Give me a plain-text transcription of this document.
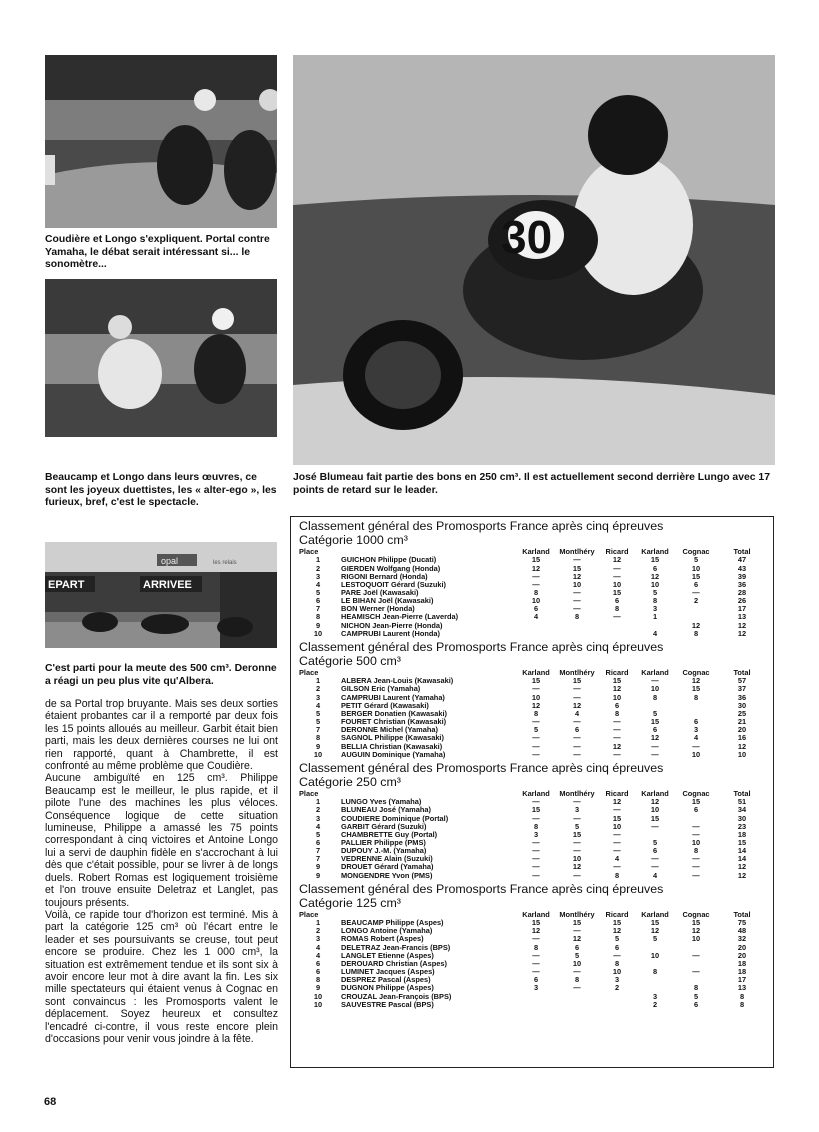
Coudière et Longo s'expliquent. Portal contre Yamaha, le débat serait intéressant si... le sonomètre...
Beaucamp et Longo dans leurs œuvres, ce sont les joyeux duettistes, les « alter-ego », les furieux, bref, c'est le spectacle.
EPART	ARRIVEE
opal	les relais
C'est parti pour la meute des 500 cm³. Deronne a réagi un peu plus vite qu'Albera.
30
José Blumeau fait partie des bons en 250 cm³. Il est actuellement second derrière Lungo avec 17 points de retard sur le leader.

de sa Portal trop bruyante. Mais ses deux sorties étaient probantes car il a remporté par deux fois les 15 points alloués au meilleur. Garbit était bien parti, mais les deux dernières courses ne lui ont rien rapporté, quant à Chambrette, il est confronté au même problème que Coudière.

Aucune ambiguïté en 125 cm³. Philippe Beaucamp est le meilleur, le plus rapide, et il pilote l'une des machines les plus véloces. Conséquence logique de cette situation lumineuse, Philippe a amassé les 75 points correspondant à cinq victoires et Antoine Longo lui a servi de dauphin fidèle en s'accrochant à lui dès que c'était possible, pour se livrer à de longs duels. Robert Romas est logiquement troisième et l'on trouve ensuite Deletraz et Langlet, pas toujours présents.

Voilà, ce rapide tour d'horizon est terminé. Mis à part la catégorie 125 cm³ où l'écart entre le leader et ses poursuivants se creuse, tout peut encore se produire. Chez les 1 000 cm³, la situation est extrêmement tendue et ils sont six à avoir encore leur mot à dire avant la fin. Les six mille spectateurs qui étaient venus à Cognac en sont convaincus : les Promosports valent le déplacement. Soyez heureux et consultez l'encadré ci-contre, il vous reste encore plein d'occasions pour venir vous joindre à la fête.

68
Classement général des Promosports France après cinq épreuves
Catégorie 1000 cm³
Place		Karland	Montlhéry	Ricard	Karland	Cognac	Total
1	GUICHON Philippe (Ducati)	15	—	12	15	5	47
2	GIERDEN Wolfgang (Honda)	12	15	—	6	10	43
3	RIGONI Bernard (Honda)	—	12	—	12	15	39
4	LESTOQUOIT Gérard (Suzuki)	—	10	10	10	6	36
5	PARE Joël (Kawasaki)	8	—	15	5	—	28
6	LE BIHAN Joël (Kawasaki)	10	—	6	8	2	26
7	BON Werner (Honda)	6	—	8	3		17
8	HEAMISCH Jean-Pierre (Laverda)	4	8	—	1		13
9	NICHON Jean-Pierre (Honda)					12	12
10	CAMPRUBI Laurent (Honda)				4	8	12
Classement général des Promosports France après cinq épreuves
Catégorie 500 cm³
Place		Karland	Montlhéry	Ricard	Karland	Cognac	Total
1	ALBERA Jean-Louis (Kawasaki)	15	15	15	—	12	57
2	GILSON Eric (Yamaha)	—	—	12	10	15	37
3	CAMPRUBI Laurent (Yamaha)	10	—	10	8	8	36
4	PETIT Gérard (Kawasaki)	12	12	6			30
5	BERGER Donatien (Kawasaki)	8	4	8	5		25
5	FOURET Christian (Kawasaki)	—	—	—	15	6	21
7	DERONNE Michel (Yamaha)	5	6	—	6	3	20
8	SAGNOL Philippe (Kawasaki)	—	—	—	12	4	16
9	BELLIA Christian (Kawasaki)	—	—	12	—	—	12
10	AUGUIN Dominique (Yamaha)	—	—	—	—	10	10
Classement général des Promosports France après cinq épreuves
Catégorie 250 cm³
Place		Karland	Montlhéry	Ricard	Karland	Cognac	Total
1	LUNGO Yves (Yamaha)	—	—	12	12	15	51
2	BLUNEAU José (Yamaha)	15	3	—	10	6	34
3	COUDIERE Dominique (Portal)	—	—	15	15		30
4	GARBIT Gérard (Suzuki)	8	5	10	—	—	23
5	CHAMBRETTE Guy (Portal)	3	15	—		—	18
6	PALLIER Philippe (PMS)	—	—	—	5	10	15
7	DUPOUY J.-M. (Yamaha)	—	—	—	6	8	14
7	VEDRENNE Alain (Suzuki)	—	10	4	—	—	14
9	DROUET Gérard (Yamaha)	—	12	—	—	—	12
9	MONGENDRE Yvon (PMS)	—	—	8	4	—	12
Classement général des Promosports France après cinq épreuves
Catégorie 125 cm³
Place		Karland	Montlhéry	Ricard	Karland	Cognac	Total
1	BEAUCAMP Philippe (Aspes)	15	15	15	15	15	75
2	LONGO Antoine (Yamaha)	12	—	12	12	12	48
3	ROMAS Robert (Aspes)	—	12	5	5	10	32
4	DELETRAZ Jean-Francis (BPS)	8	6	6			20
4	LANGLET Etienne (Aspes)	—	5	—	10	—	20
6	DEROUARD Christian (Aspes)	—	10	8			18
6	LUMINET Jacques (Aspes)	—	—	10	8	—	18
8	DESPREZ Pascal (Aspes)	6	8	3			17
9	DUGNON Philippe (Aspes)	3	—	2		8	13
10	CROUZAL Jean-François (BPS)				3	5	8
10	SAUVESTRE Pascal (BPS)				2	6	8
